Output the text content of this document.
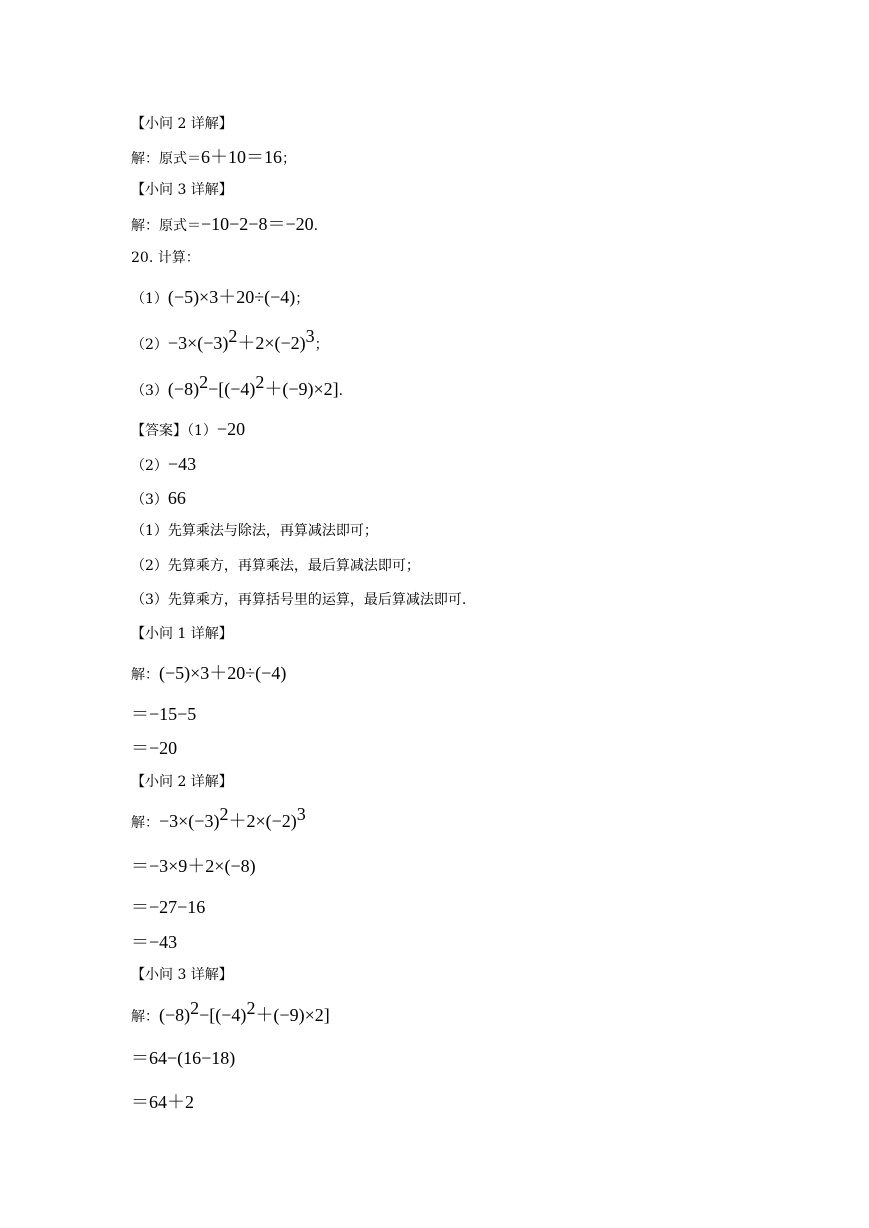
【小问 2 详解】
解：原式＝6＋10＝16；
【小问 3 详解】
解：原式＝−10−2−8＝−20.
20. 计算：
（1）(−5)×3＋20÷(−4)；
$(2)-3\times(-3)^2+2\times(-2)^3$；
$(3)(-8)^2-[(-4)^2+(-9)\times 2]$.
【答案】（1）−20
（2）−43
（3）66
（1）先算乘法与除法，再算减法即可；
（2）先算乘方，再算乘法，最后算减法即可；
（3）先算乘方，再算括号里的运算，最后算减法即可.
【小问 1 详解】
解：(−5)×3＋20÷(−4)
＝−15−5
＝−20
【小问 2 详解】
解：$-3\times(-3)^2+2\times(-2)^3$
＝−3×9＋2×(−8)
＝−27−16
＝−43
【小问 3 详解】
解：$(-8)^2-[(-4)^2+(-9)\times 2]$
＝64−(16−18)
＝64＋2
